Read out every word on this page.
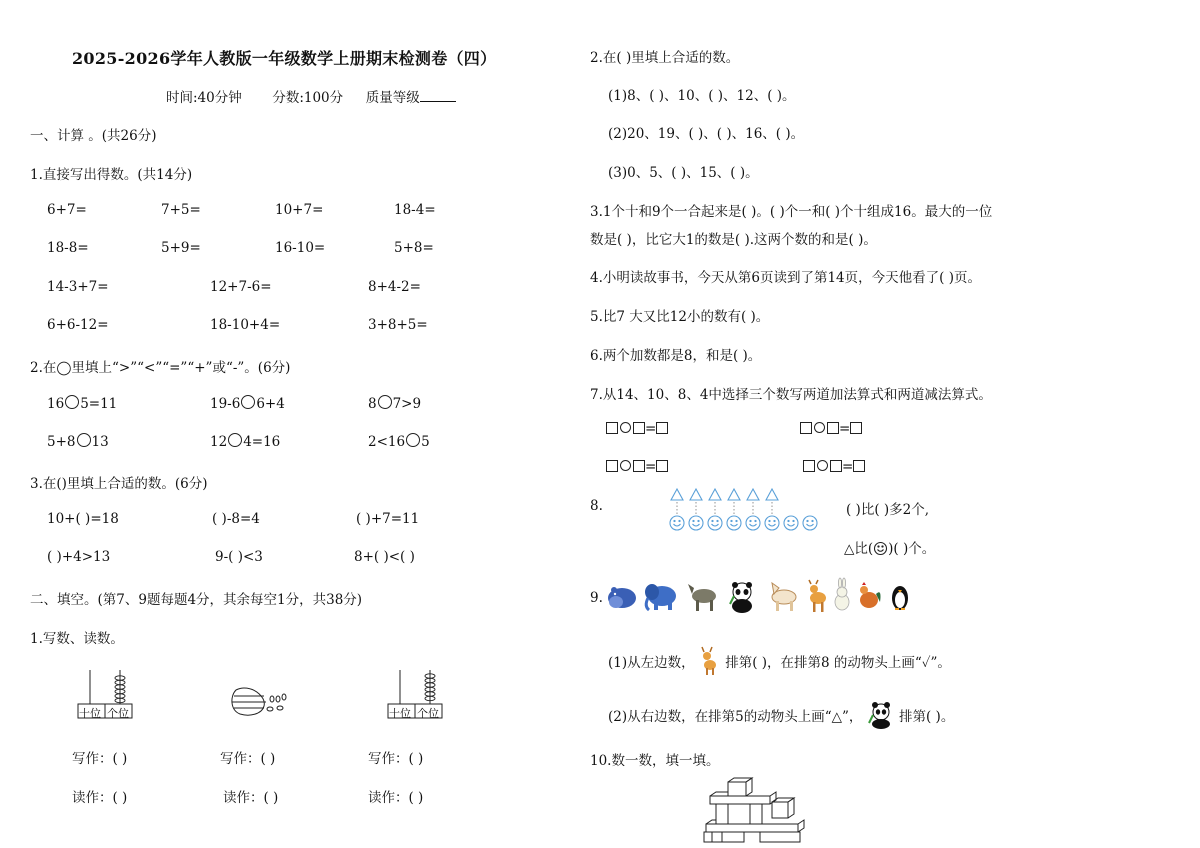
2025-2026学年人教版一年级数学上册期末检测卷（四）
时间:40分钟 分数:100分 质量等级
一、计算 。(共26分)
1.直接写出得数。(共14分)
6+7=	7+5=	10+7=	18-4=
18-8=	5+9=	16-10=	5+8=
14-3+7=	12+7-6=	8+4-2=
6+6-12=	18-10+4=	3+8+5=
2.在◯里填上“>”“<”“=”“+”或“-”。(6分)
16 5=11	19-6 6+4	8 7>9
5+8 13	12 4=16	2<16 5
3.在()里填上合适的数。(6分)
10+( )=18	( )-8=4	( )+7=11
( )+4>13	9-( )<3	8+( )<( )
二、填空。(第7、9题每题4分，其余每空1分，共38分)
1.写数、读数。
十位 个位	十位 个位
写作：( )	写作：( )	写作：( )
读作：( )	读作：( )	读作：( )
2.在( )里填上合适的数。
(1)8、( )、10、( )、12、( )。
(2)20、19、( )、( )、16、( )。
(3)0、5、( )、15、( )。
3.1个十和9个一合起来是( )。( )个一和( )个十组成16。最大的一位
数是( )，比它大1的数是( ).这两个数的和是( )。
4.小明读故事书，今天从第6页读到了第14页，今天他看了( )页。
5.比7 大又比12小的数有( )。
6.两个加数都是8，和是( )。
7.从14、10、8、4中选择三个数写两道加法算式和两道减法算式。
=	=
=	=
8.	( )比( )多2个,
△比( )( )个。
9.
(1)从左边数， 排第( )，在排第8 的动物头上画“✓”。
(2)从右边数，在排第5的动物头上画“△”，	排第( )。
10.数一数，填一填。
